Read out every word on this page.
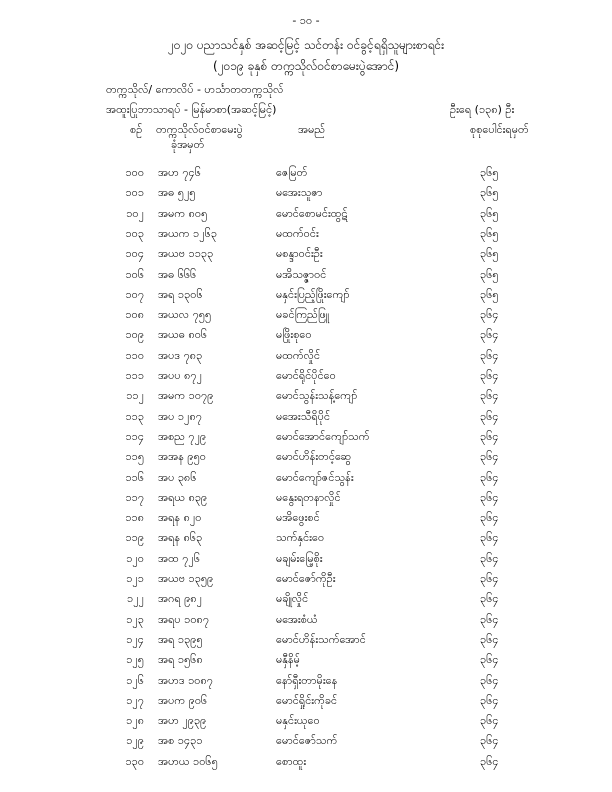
- ၁၀ -
၂၀၂၀ ပညာသင်နှစ် အဆင့်မြင့် သင်တန်း ဝင်ခွင့်ရရှိသူများစာရင်း
(၂၀၁၉ ခုနှစ် တက္ကသိုလ်ဝင်စာမေးပွဲအောင်)
တက္ကသိုလ်/ ကောလိပ် - ဟင်္သာတတက္ကသိုလ်
အထူးပြုဘာသာရပ် - မြန်မာစာ(အဆင့်မြင့်)	ဦးရေ (၁၃၈) ဦး
စဉ် တက္ကသိုလ်ဝင်စာမေးပွဲ
ခုံအမှတ်
အမည်	စုစုပေါင်းရမှတ်
၁၀၀ အဟ ၇၄၆	ဇေမြတ်	၃၆၅
၁၀၁ အဓ ၅၂၅	မအေးသူဇာ	၃၆၅
၁၀၂ အမက ၈၀၅	မောင်စောမင်းထွဋ်	၃၆၅
၁၀၃ အယက ၁၂၆၃	မထက်ဝင်း	၃၆၅
၁၀၄ အယဗ ၁၁၃၃	မစန္ဒာဝင်းဦး	၃၆၅
၁၀၆ အဓ ၆၆၆	မအိသဇ္ဇာဝင်	၃၆၅
၁၀၇ အရ ၁၃၀၆	မနှင်းပြည့်ဖြိုးကျော်	၃၆၅
၁၀၈ အယလ ၇၅၅	မခင်ကြည်ဖြူ	၃၆၄
၁၀၉ အယဓ ၈၀၆	မဖြိုးစုဝေ	၃၆၄
၁၁၀ အပဒ ၇၈၃	မထက်လှိုင်	၃၆၄
၁၁၁ အပပ ၈၇၂	မောင်ရိုင်ပိုင်ဝေ	၃၆၄
၁၁၂ အမက ၁၀၇၉	မောင်သွန်းသန့်ကျော်	၃၆၄
၁၁၃ အပ ၁၂၈၇	မအေးသီရိပိုင်	၃၆၄
၁၁၄ အစည ၇၂၉	မောင်အောင်ကျော်သက်	၃၆၄
၁၁၅ အအန ၉၅၀	မောင်ဟိန်းတင့်ဆွေ	၃၆၄
၁၁၆ အပ ၃၈၆	မောင်ကျော်ဇင်သွန်း	၃၆၄
၁၁၇ အရယ ၈၃၉	မနွေးရတနာလှိုင်	၃၆၄
၁၁၈ အရန ၈၂၀	မအိဖွေးစင်	၃၆၄
၁၁၉ အရန ၈၆၃	သက်နှင်းဝေ	၃၆၄
၁၂၀ အထ ၇၂၆	မချမ်းမြေ့စိုး	၃၆၄
၁၂၁ အယဗ ၁၃၅၉	မောင်ဇော်ကိုဦး	၃၆၄
၁၂၂ အဂရ ၉၈၂	မချိုလှိုင်	၃၆၄
၁၂၃ အရပ ၁၀၈၇	မအေးစံယံ	၃၆၄
၁၂၄ အရ ၁၃၉၅	မောင်ဟိန်းသက်အောင်	၃၆၄
၁၂၅ အရ ၁၅၆၈	မနှီနိမ့်	၃၆၄
၁၂၆ အဟဒ ၁၀၈၇	နော်ရှီးတာမိုးနေ	၃၆၄
၁၂၇ အပက ၉၀၆	မောင်ရှိုင်းကိုခင်	၃၆၄
၁၂၈ အဟ ၂၉၃၉	မနှင်းယုဝေ	၃၆၄
၁၂၉ အစ ၁၄၃၁	မောင်ဇော်သက်	၃၆၄
၁၃၀ အဟယ ၁၀၆၅	စောထူး	၃၆၄
